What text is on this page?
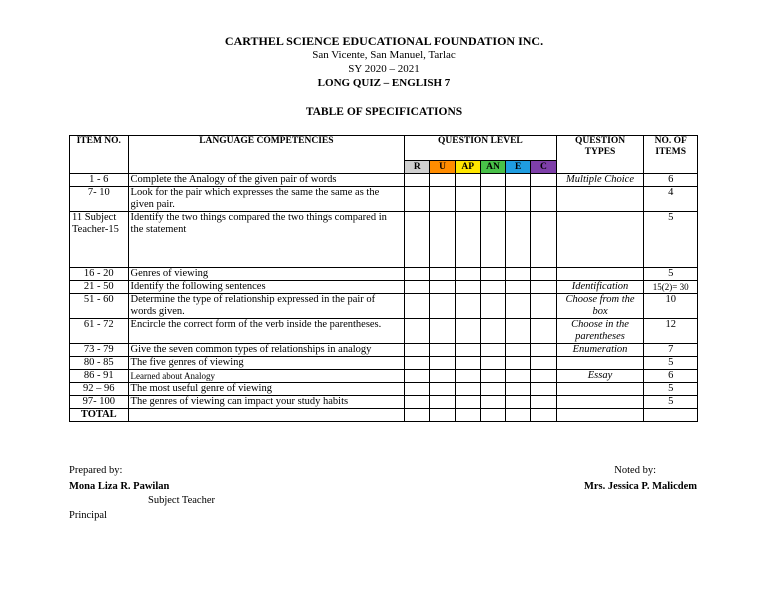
CARTHEL SCIENCE EDUCATIONAL FOUNDATION INC.
San Vicente, San Manuel, Tarlac
SY 2020 – 2021
LONG QUIZ – ENGLISH 7
TABLE OF SPECIFICATIONS
ITEM NO.	LANGUAGE COMPETENCIES	QUESTION LEVEL						QUESTION TYPES	NO. OF ITEMS
		R	U	AP	AN	E	C		
1 - 6	Complete the Analogy of the given pair of words							Multiple Choice	6
7- 10	Look for the pair which expresses the same the same as the given pair.								4
11 Subject Teacher-15	Identify the two things compared the two things compared in the statement								5
16 - 20	Genres of viewing								5
21 - 50	Identify the following sentences							Identification	15(2)= 30
51 - 60	Determine the type of relationship expressed in the pair of words given.							Choose from the box	10
61 - 72	Encircle the correct form of the verb inside the parentheses.							Choose in the parentheses	12
73 - 79	Give the seven common types of relationships in analogy							Enumeration	7
80 - 85	The five genres of viewing								5
86 - 91	Learned about Analogy							Essay	6
92 – 96	The most useful genre of viewing								5
97- 100	The genres of viewing can impact your study habits								5
TOTAL									
Prepared by:
Mona Liza R. Pawilan
Subject Teacher
Principal
Noted by:
Mrs. Jessica P. Malicdem
